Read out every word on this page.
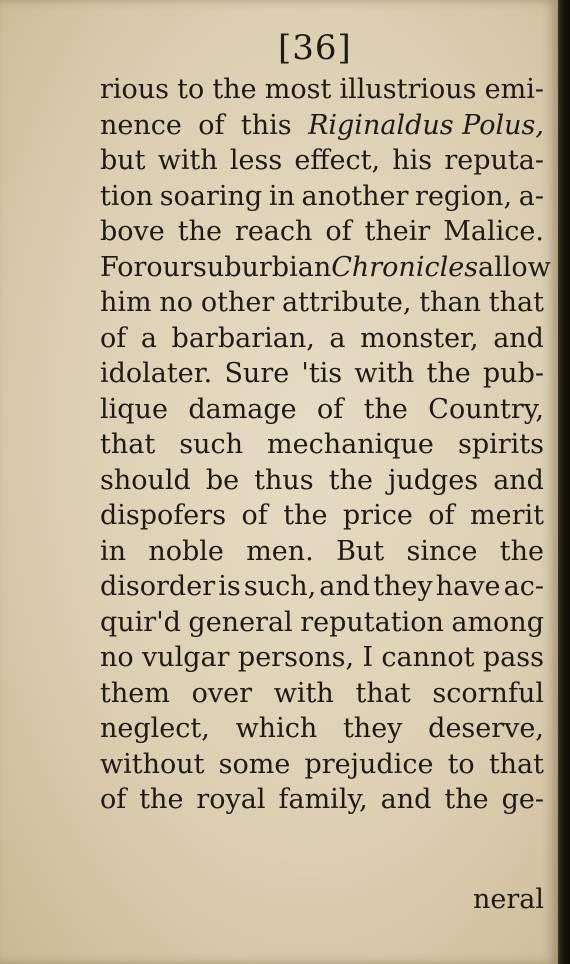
[36]
rious to the most illustrious emi-
nence of this Riginaldus Polus,
but with less effect, his reputa-
tion soaring in another region, a-
bove the reach of their Malice.
For our suburbian Chronicles allow
him no other attribute, than that
of a barbarian, a monster, and
idolater. Sure 'tis with the pub-
lique damage of the Country,
that such mechanique spirits
should be thus the judges and
dispofers of the price of merit
in noble men. But since the
disorder is such, and they have ac-
quir'd general reputation among
no vulgar persons, I cannot pass
them over with that scornful
neglect, which they deserve,
without some prejudice to that
of the royal family, and the ge-
neral
